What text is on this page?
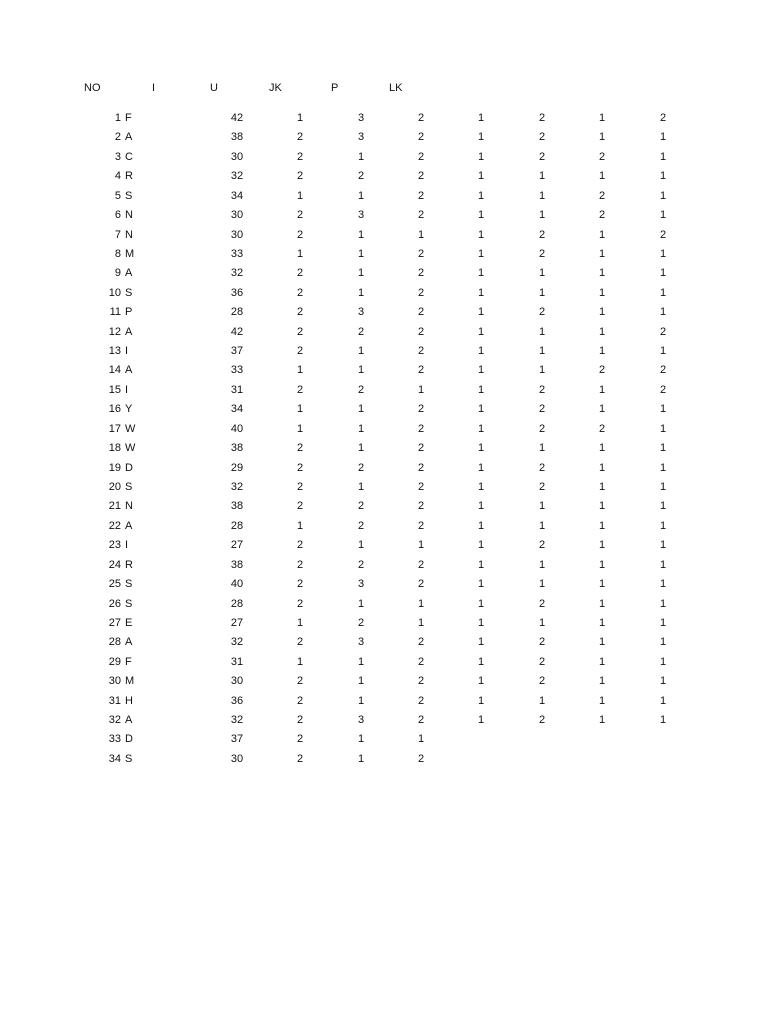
NO	I	U	JK	P	LK
1 F	42	1	3	2	1	2	1	2
2 A	38	2	3	2	1	2	1	1
3 C	30	2	1	2	1	2	2	1
4 R	32	2	2	2	1	1	1	1
5 S	34	1	1	2	1	1	2	1
6 N	30	2	3	2	1	1	2	1
7 N	30	2	1	1	1	2	1	2
8 M	33	1	1	2	1	2	1	1
9 A	32	2	1	2	1	1	1	1
10 S	36	2	1	2	1	1	1	1
11 P	28	2	3	2	1	2	1	1
12 A	42	2	2	2	1	1	1	2
13 I	37	2	1	2	1	1	1	1
14 A	33	1	1	2	1	1	2	2
15 I	31	2	2	1	1	2	1	2
16 Y	34	1	1	2	1	2	1	1
17 W	40	1	1	2	1	2	2	1
18 W	38	2	1	2	1	1	1	1
19 D	29	2	2	2	1	2	1	1
20 S	32	2	1	2	1	2	1	1
21 N	38	2	2	2	1	1	1	1
22 A	28	1	2	2	1	1	1	1
23 I	27	2	1	1	1	2	1	1
24 R	38	2	2	2	1	1	1	1
25 S	40	2	3	2	1	1	1	1
26 S	28	2	1	1	1	2	1	1
27 E	27	1	2	1	1	1	1	1
28 A	32	2	3	2	1	2	1	1
29 F	31	1	1	2	1	2	1	1
30 M	30	2	1	2	1	2	1	1
31 H	36	2	1	2	1	1	1	1
32 A	32	2	3	2	1	2	1	1
33 D	37	2	1	1
34 S	30	2	1	2
